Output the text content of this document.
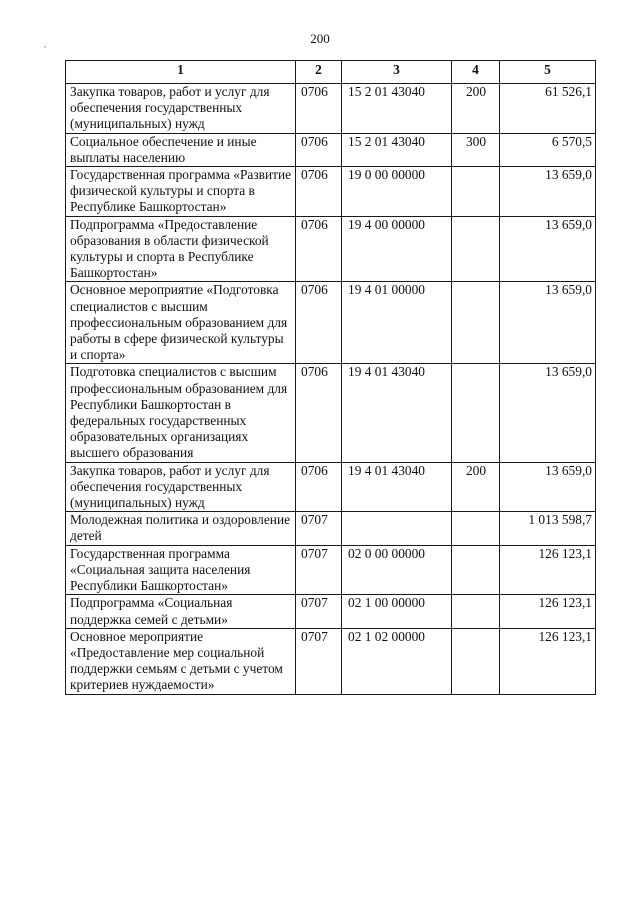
200
,
1	2	3	4	5
Закупка товаров, работ и услуг для обеспечения государственных (муниципальных) нужд	0706	15 2 01 43040	200	61 526,1
Социальное обеспечение и иные выплаты населению	0706	15 2 01 43040	300	6 570,5
Государственная программа «Развитие физической культуры и спорта в Республике Башкортостан»	0706	19 0 00 00000		13 659,0
Подпрограмма «Предоставление образования в области физической культуры и спорта в Республике Башкортостан»	0706	19 4 00 00000		13 659,0
Основное мероприятие «Подготовка специалистов с высшим профессиональным образованием для работы в сфере физической культуры и спорта»	0706	19 4 01 00000		13 659,0
Подготовка специалистов с высшим профессиональным образованием для Республики Башкортостан в федеральных государственных образовательных организациях высшего образования	0706	19 4 01 43040		13 659,0
Закупка товаров, работ и услуг для обеспечения государственных (муниципальных) нужд	0706	19 4 01 43040	200	13 659,0
Молодежная политика и оздоровление детей	0707			1 013 598,7
Государственная программа «Социальная защита населения Республики Башкортостан»	0707	02 0 00 00000		126 123,1
Подпрограмма «Социальная поддержка семей с детьми»	0707	02 1 00 00000		126 123,1
Основное мероприятие «Предоставление мер социальной поддержки семьям с детьми с учетом критериев нуждаемости»	0707	02 1 02 00000		126 123,1
